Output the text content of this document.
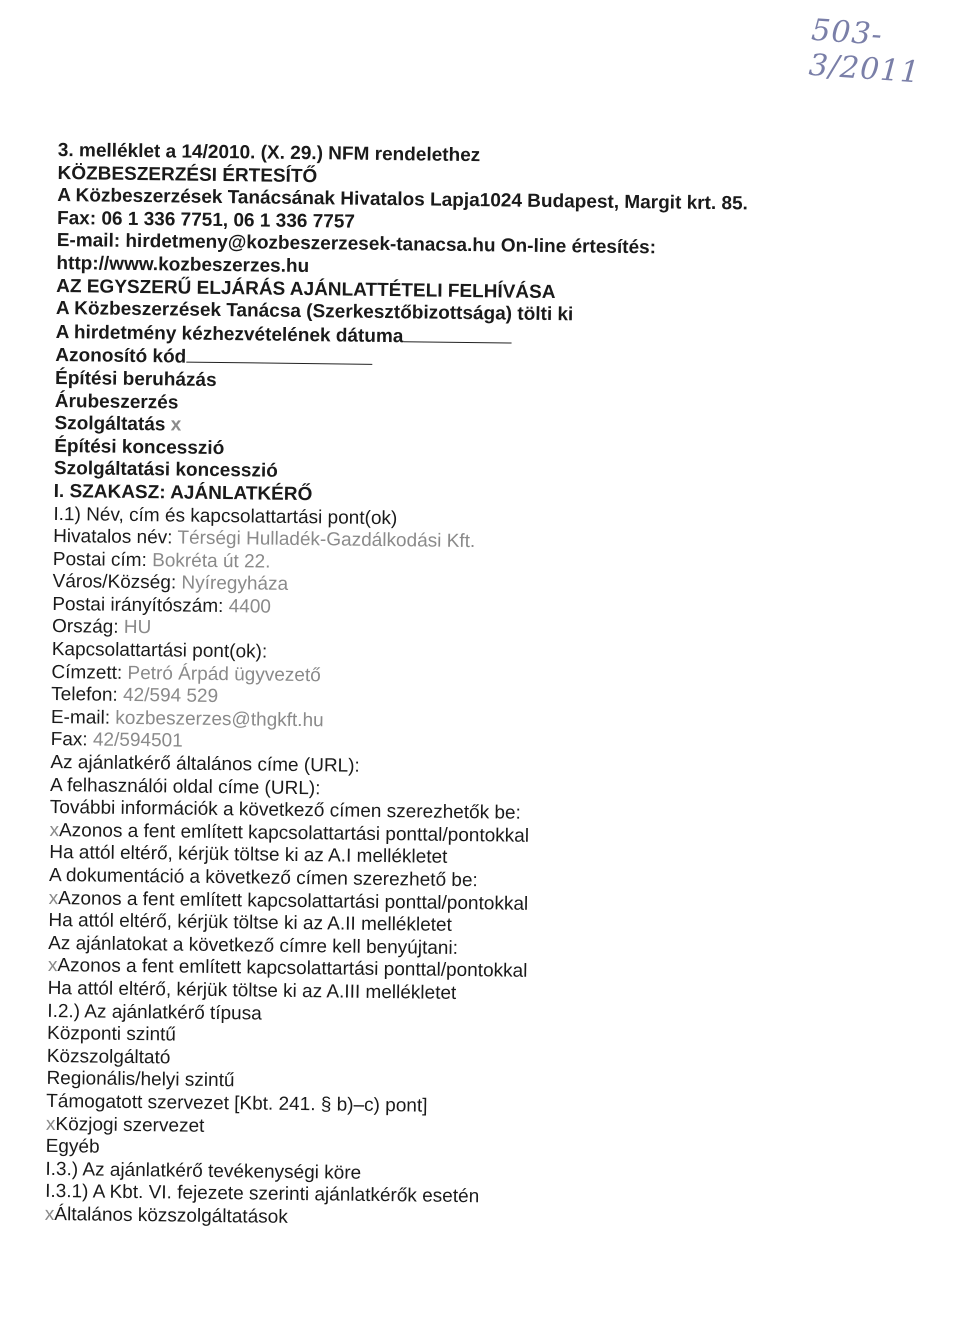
503-3/2011
3. melléklet a 14/2010. (X. 29.) NFM rendelethez
KÖZBESZERZÉSI ÉRTESÍTŐ
A Közbeszerzések Tanácsának Hivatalos Lapja1024 Budapest, Margit krt. 85.
Fax: 06 1 336 7751, 06 1 336 7757
E-mail: hirdetmeny@kozbeszerzesek-tanacsa.hu On-line értesítés:
http://www.kozbeszerzes.hu
AZ EGYSZERŰ ELJÁRÁS AJÁNLATTÉTELI FELHÍVÁSA
A Közbeszerzések Tanácsa (Szerkesztőbizottsága) tölti ki
A hirdetmény kézhezvételének dátuma
Azonosító kód
Építési beruházás
Árubeszerzés
Szolgáltatás x
Építési koncesszió
Szolgáltatási koncesszió
I. SZAKASZ: AJÁNLATKÉRŐ
I.1) Név, cím és kapcsolattartási pont(ok)
Hivatalos név: Térségi Hulladék-Gazdálkodási Kft.
Postai cím: Bokréta út 22.
Város/Község: Nyíregyháza
Postai irányítószám: 4400
Ország: HU
Kapcsolattartási pont(ok):
Címzett: Petró Árpád ügyvezető
Telefon: 42/594 529
E-mail: kozbeszerzes@thgkft.hu
Fax: 42/594501
Az ajánlatkérő általános címe (URL):
A felhasználói oldal címe (URL):
További információk a következő címen szerezhetők be:
xAzonos a fent említett kapcsolattartási ponttal/pontokkal
Ha attól eltérő, kérjük töltse ki az A.I mellékletet
A dokumentáció a következő címen szerezhető be:
xAzonos a fent említett kapcsolattartási ponttal/pontokkal
Ha attól eltérő, kérjük töltse ki az A.II mellékletet
Az ajánlatokat a következő címre kell benyújtani:
xAzonos a fent említett kapcsolattartási ponttal/pontokkal
Ha attól eltérő, kérjük töltse ki az A.III mellékletet
I.2.) Az ajánlatkérő típusa
Központi szintű
Közszolgáltató
Regionális/helyi szintű
Támogatott szervezet [Kbt. 241. § b)–c) pont]
xKözjogi szervezet
Egyéb
I.3.) Az ajánlatkérő tevékenységi köre
I.3.1) A Kbt. VI. fejezete szerinti ajánlatkérők esetén
xÁltalános közszolgáltatások
